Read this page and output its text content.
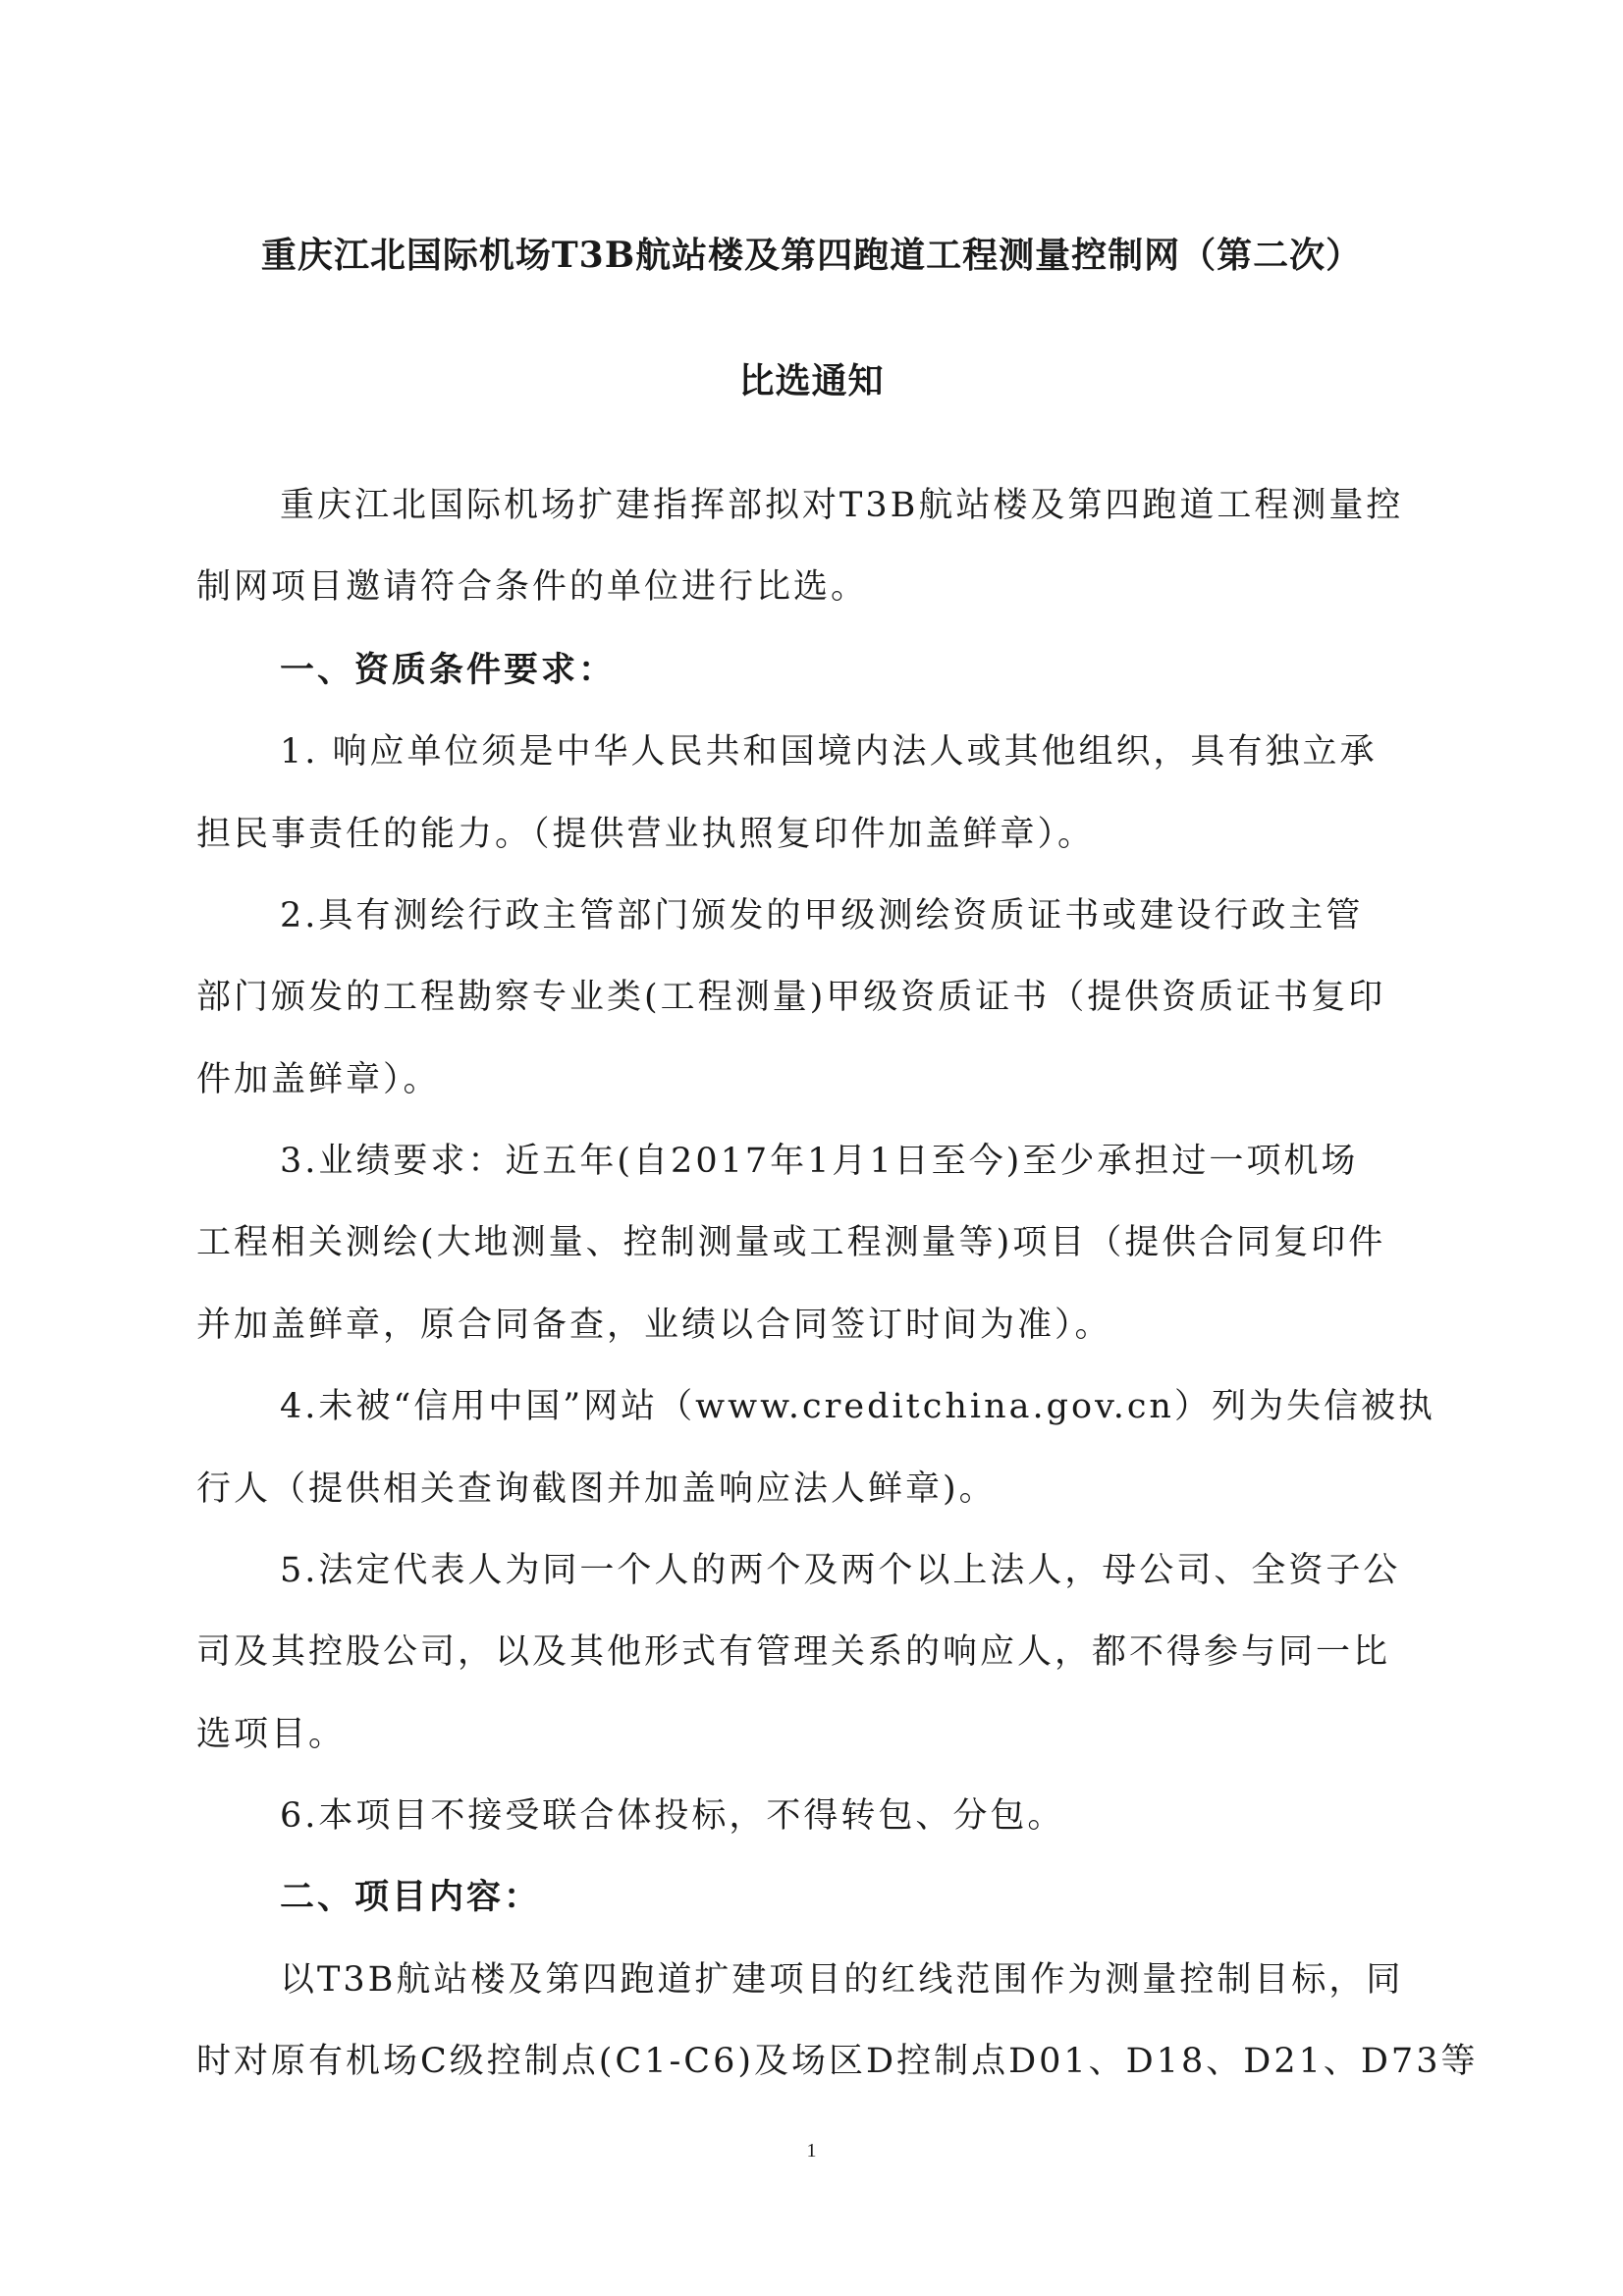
重庆江北国际机场T3B航站楼及第四跑道工程测量控制网（第二次）
比选通知
重庆江北国际机场扩建指挥部拟对T3B航站楼及第四跑道工程测量控
制网项目邀请符合条件的单位进行比选。
一、资质条件要求：
1. 响应单位须是中华人民共和国境内法人或其他组织，具有独立承
担民事责任的能力。（提供营业执照复印件加盖鲜章）。
2.具有测绘行政主管部门颁发的甲级测绘资质证书或建设行政主管
部门颁发的工程勘察专业类(工程测量)甲级资质证书（提供资质证书复印
件加盖鲜章）。
3.业绩要求：近五年(自2017年1月1日至今)至少承担过一项机场
工程相关测绘(大地测量、控制测量或工程测量等)项目（提供合同复印件
并加盖鲜章，原合同备查，业绩以合同签订时间为准）。
4.未被“信用中国”网站（www.creditchina.gov.cn）列为失信被执
行人（提供相关查询截图并加盖响应法人鲜章)。
5.法定代表人为同一个人的两个及两个以上法人，母公司、全资子公
司及其控股公司，以及其他形式有管理关系的响应人，都不得参与同一比
选项目。
6.本项目不接受联合体投标，不得转包、分包。
二、项目内容：
以T3B航站楼及第四跑道扩建项目的红线范围作为测量控制目标，同
时对原有机场C级控制点(C1-C6)及场区D控制点D01、D18、D21、D73等
1
